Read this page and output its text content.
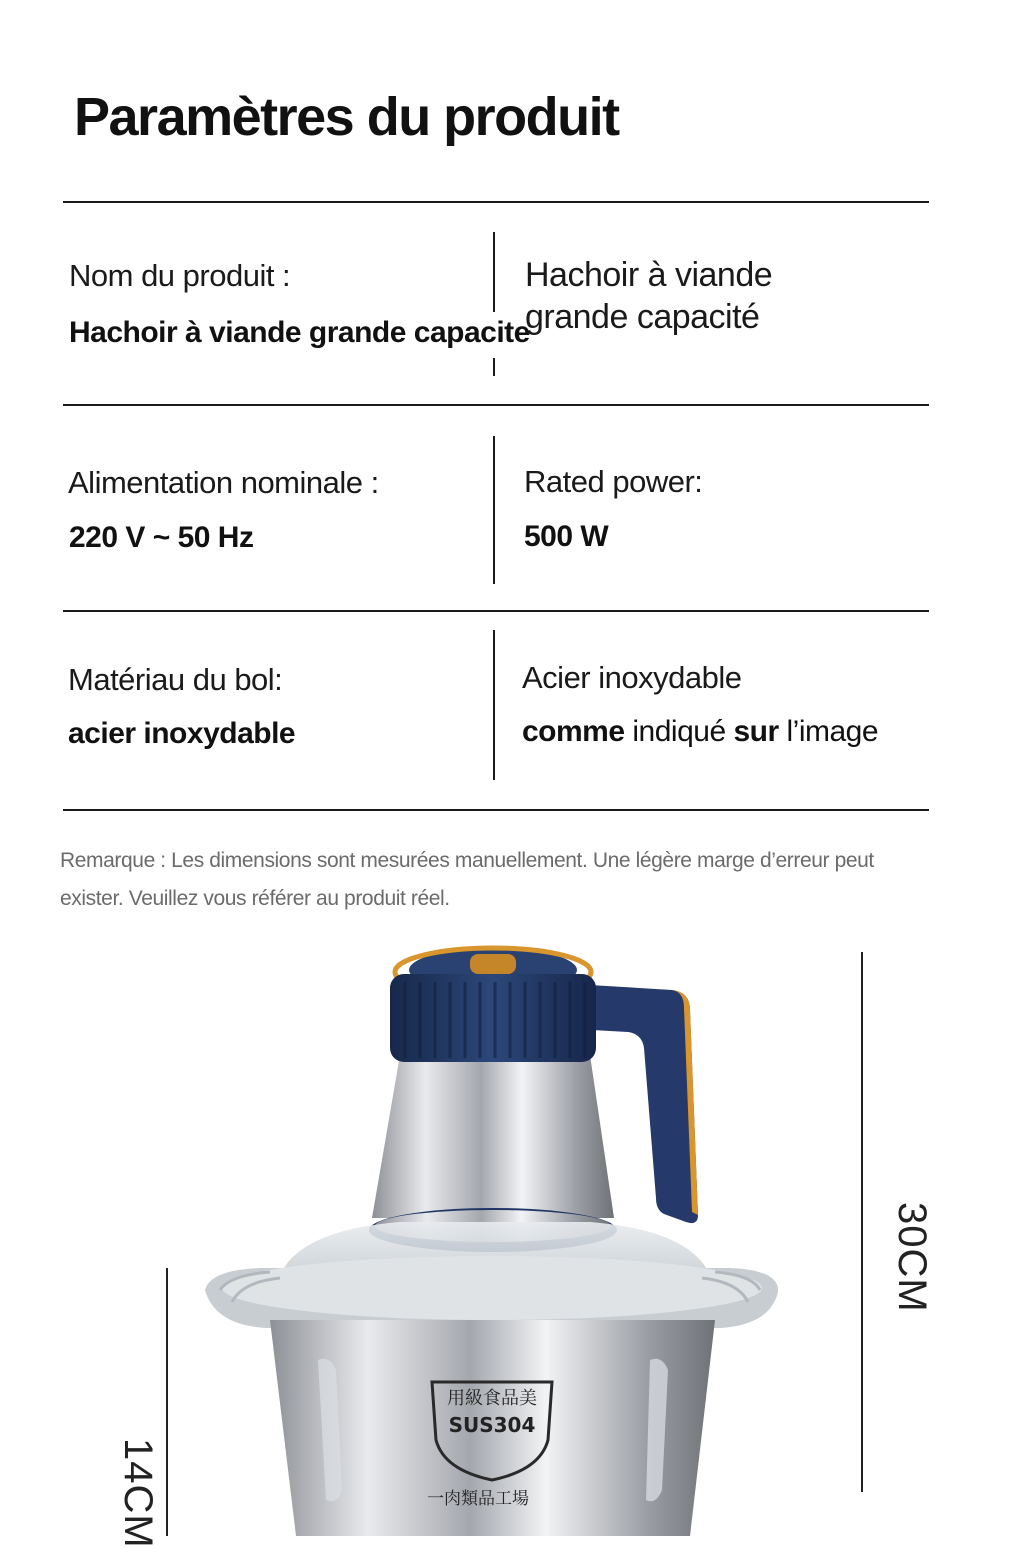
Paramètres du produit

Nom du produit :

Hachoir à viande grande capacite

Hachoir à viande

grande capacité

Alimentation nominale :

220 V ~ 50 Hz

Rated power:

500 W

Matériau du bol:

acier inoxydable

Acier inoxydable

comme indiqué sur l’image

Remarque : Les dimensions sont mesurées manuellement. Une légère marge d’erreur peut exister. Veuillez vous référer au produit réel.

用級食品美
SUS304
一肉類品工場
30CM
14CM
